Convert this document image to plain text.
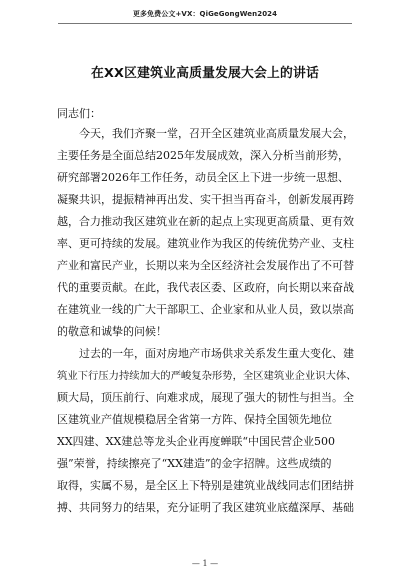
更多免费公文+VX：QiGeGongWen2024
在XX区建筑业高质量发展大会上的讲话
同志们：
今天，我们齐聚一堂，召开全区建筑业高质量发展大会，
主要任务是全面总结2025年发展成效，深入分析当前形势，
研究部署2026年工作任务，动员全区上下进一步统一思想、
凝聚共识，提振精神再出发、实干担当再奋斗，创新发展再跨
越，合力推动我区建筑业在新的起点上实现更高质量、更有效
率、更可持续的发展。建筑业作为我区的传统优势产业、支柱
产业和富民产业，长期以来为全区经济社会发展作出了不可替
代的重要贡献。在此，我代表区委、区政府，向长期以来奋战
在建筑业一线的广大干部职工、企业家和从业人员，致以崇高
的敬意和诚挚的问候！
过去的一年，面对房地产市场供求关系发生重大变化、建
筑业下行压力持续加大的严峻复杂形势，全区建筑业企业识大体、
顾大局，顶压前行、向难求成，展现了强大的韧性与担当。全
区建筑业产值规模稳居全省第一方阵、保持全国领先地位
XX四建、XX建总等龙头企业再度蝉联“中国民营企业500
强”荣誉，持续擦亮了“XX建造”的金字招牌。这些成绩的
取得，实属不易，是全区上下特别是建筑业战线同志们团结拼
搏、共同努力的结果，充分证明了我区建筑业底蕴深厚、基础
— 1 —
